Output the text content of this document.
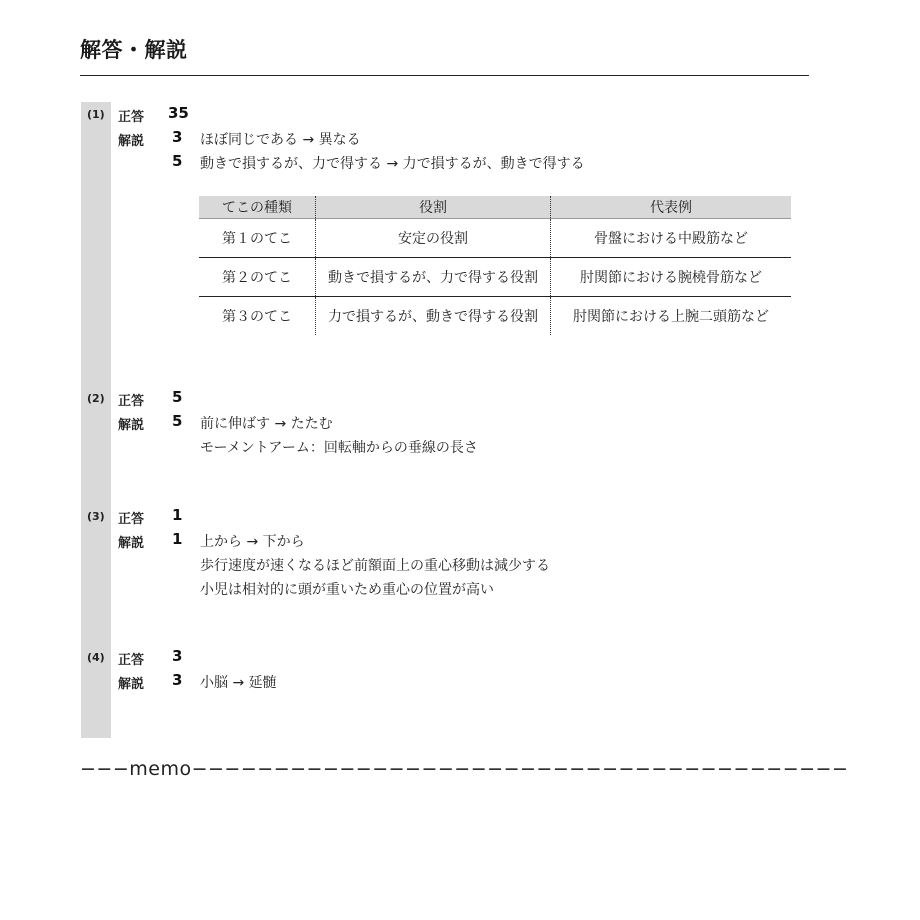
解答・解説
(1) 正答 35
解説 3 ほぼ同じである → 異なる
5 動きで損するが、力で得する → 力で損するが、動きで得する
てこの種類	役割	代表例
第１のてこ	安定の役割	骨盤における中殿筋など
第２のてこ	動きで損するが、力で得する役割	肘関節における腕橈骨筋など
第３のてこ	力で損するが、動きで得する役割	肘関節における上腕二頭筋など
(2) 正答 5
解説 5 前に伸ばす → たたむ
モーメントアーム：回転軸からの垂線の長さ
(3) 正答 1
解説 1 上から → 下から
歩行速度が速くなるほど前額面上の重心移動は減少する
小児は相対的に頭が重いため重心の位置が高い
(4) 正答 3
解説 3 小脳 → 延髄
−−−memo−−−−−−−−−−−−−−−−−−−−−−−−−−−−−−−−−−−−−−−−
